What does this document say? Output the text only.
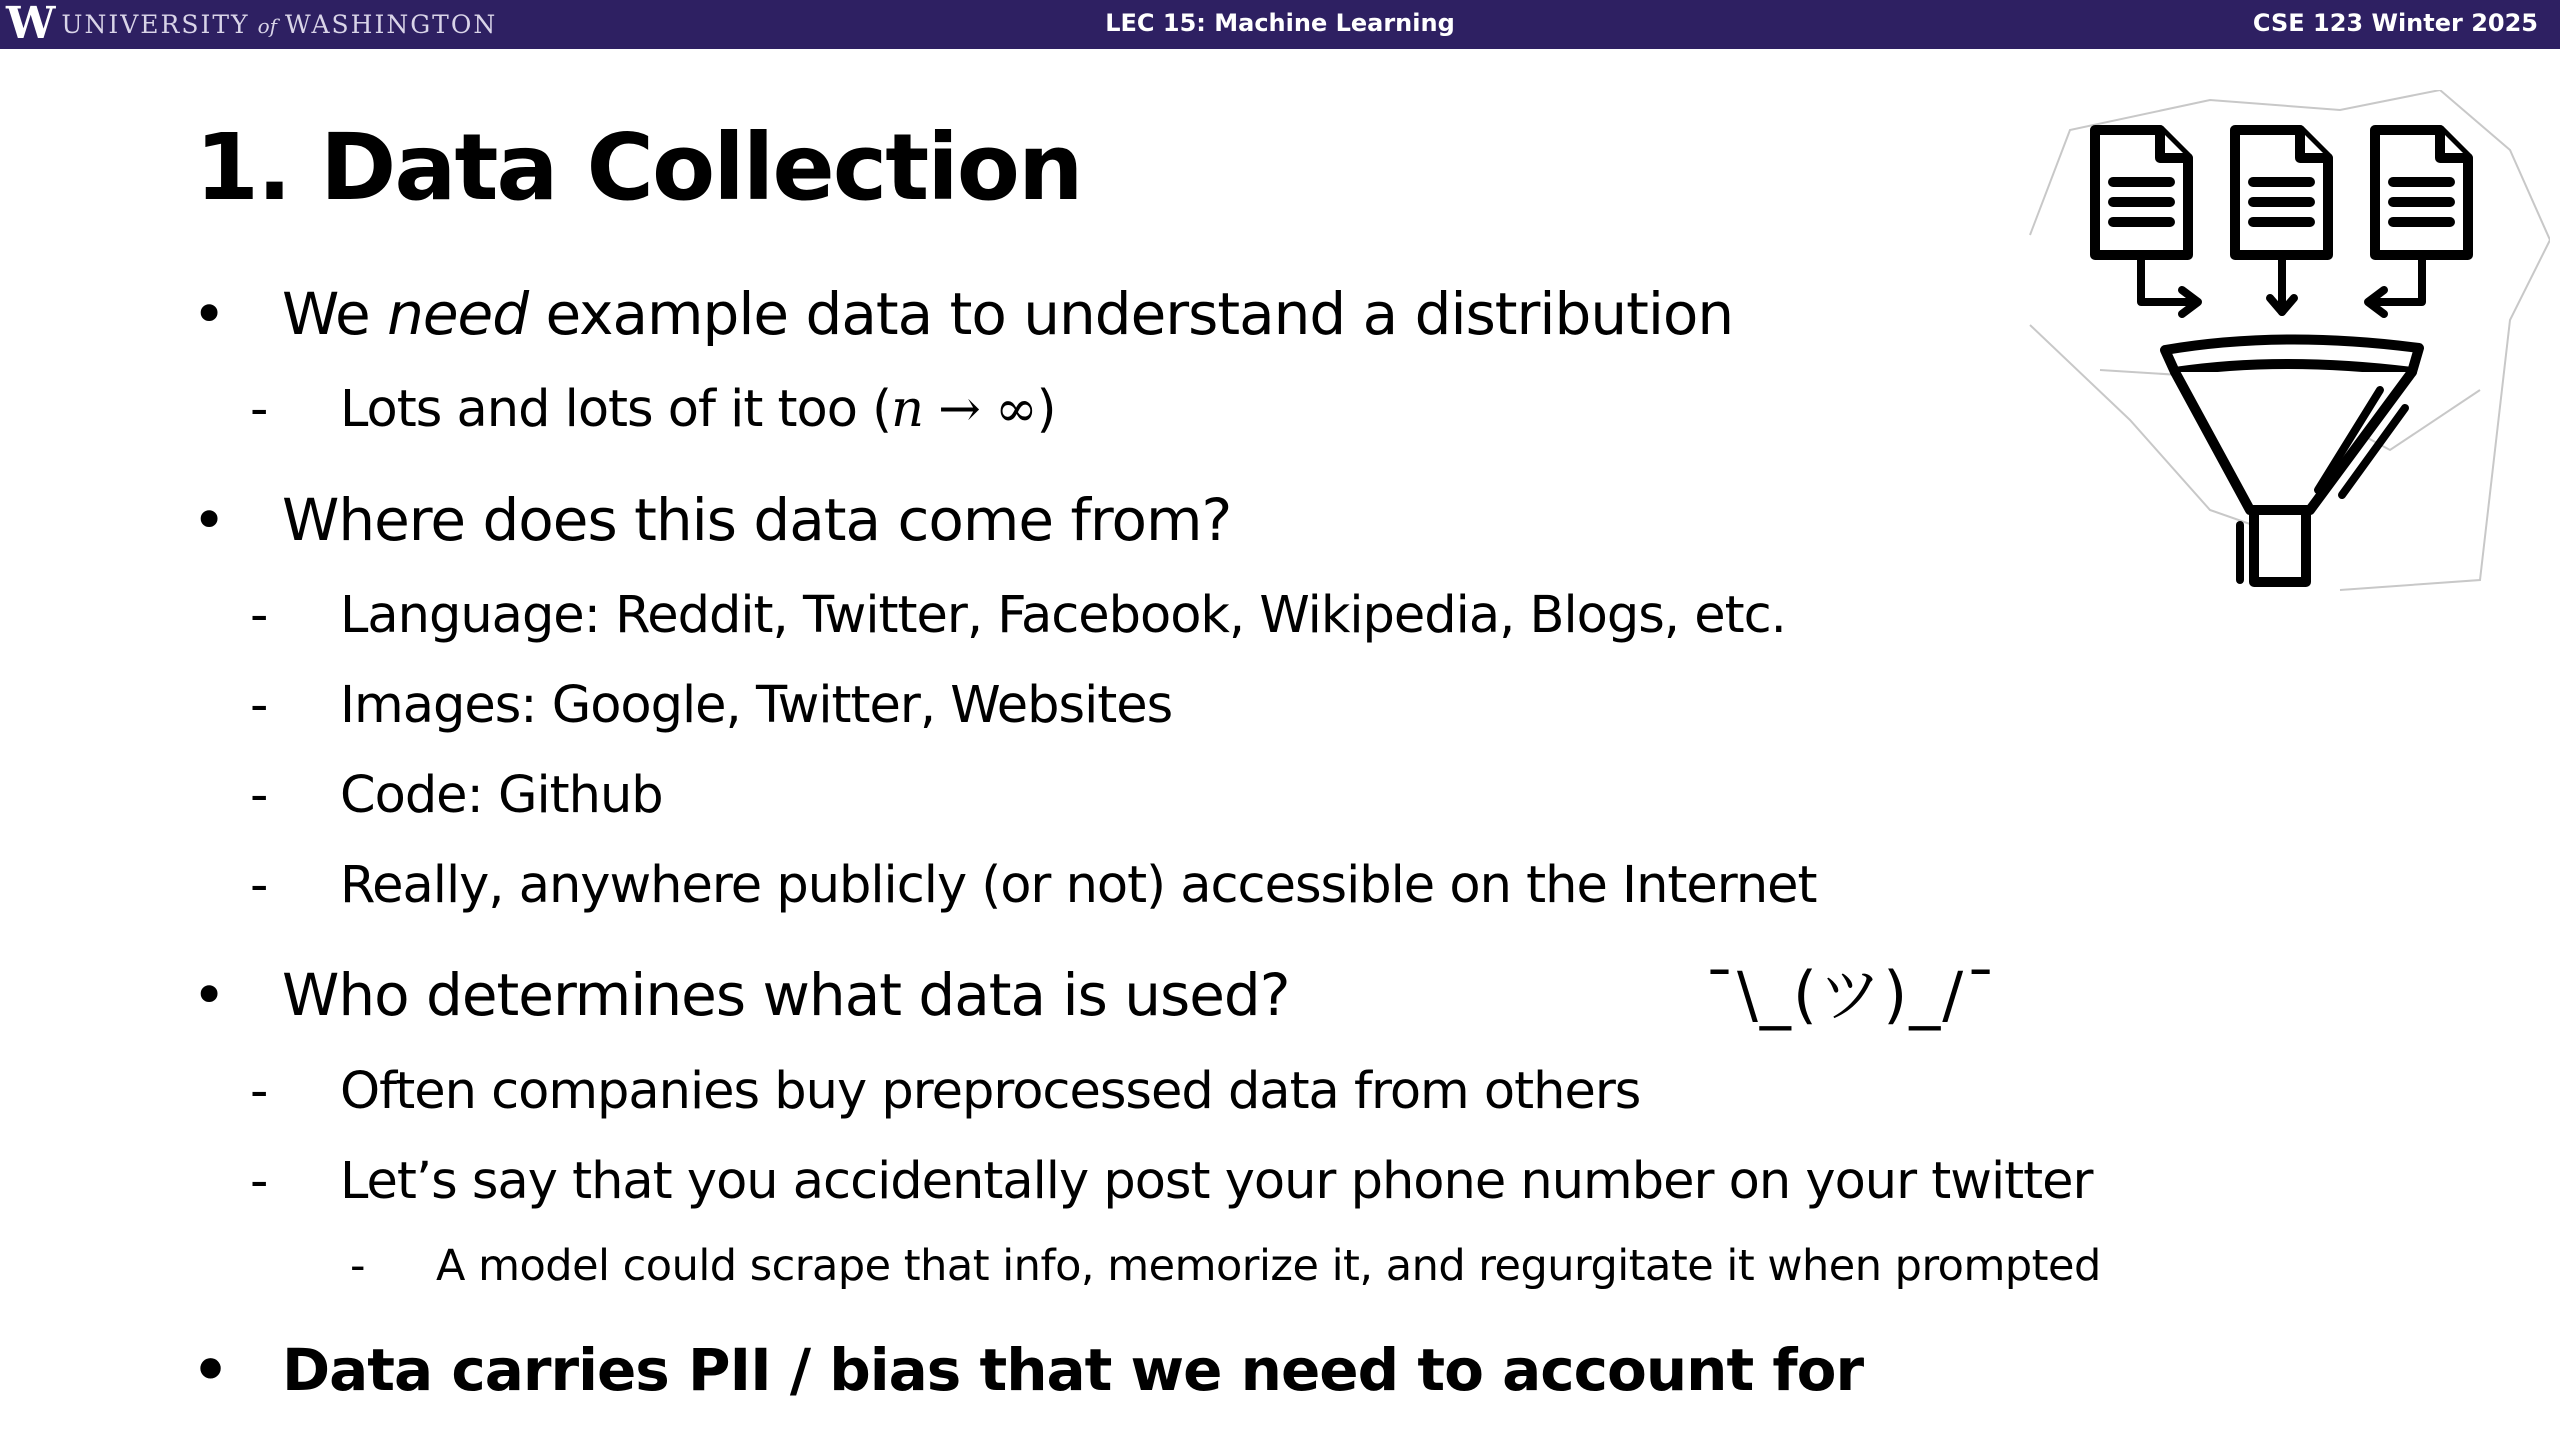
W UNIVERSITY of WASHINGTON	LEC 15: Machine Learning	CSE 123 Winter 2025
1. Data Collection
• We need example data to understand a distribution
- Lots and lots of it too (n → ∞)
• Where does this data come from?
- Language: Reddit, Twitter, Facebook, Wikipedia, Blogs, etc.
- Images: Google, Twitter, Websites
- Code: Github
- Really, anywhere publicly (or not) accessible on the Internet
• Who determines what data is used?	¯\_(ツ)_/¯
- Often companies buy preprocessed data from others
- Let’s say that you accidentally post your phone number on your twitter
- A model could scrape that info, memorize it, and regurgitate it when prompted
• Data carries PII / bias that we need to account for
